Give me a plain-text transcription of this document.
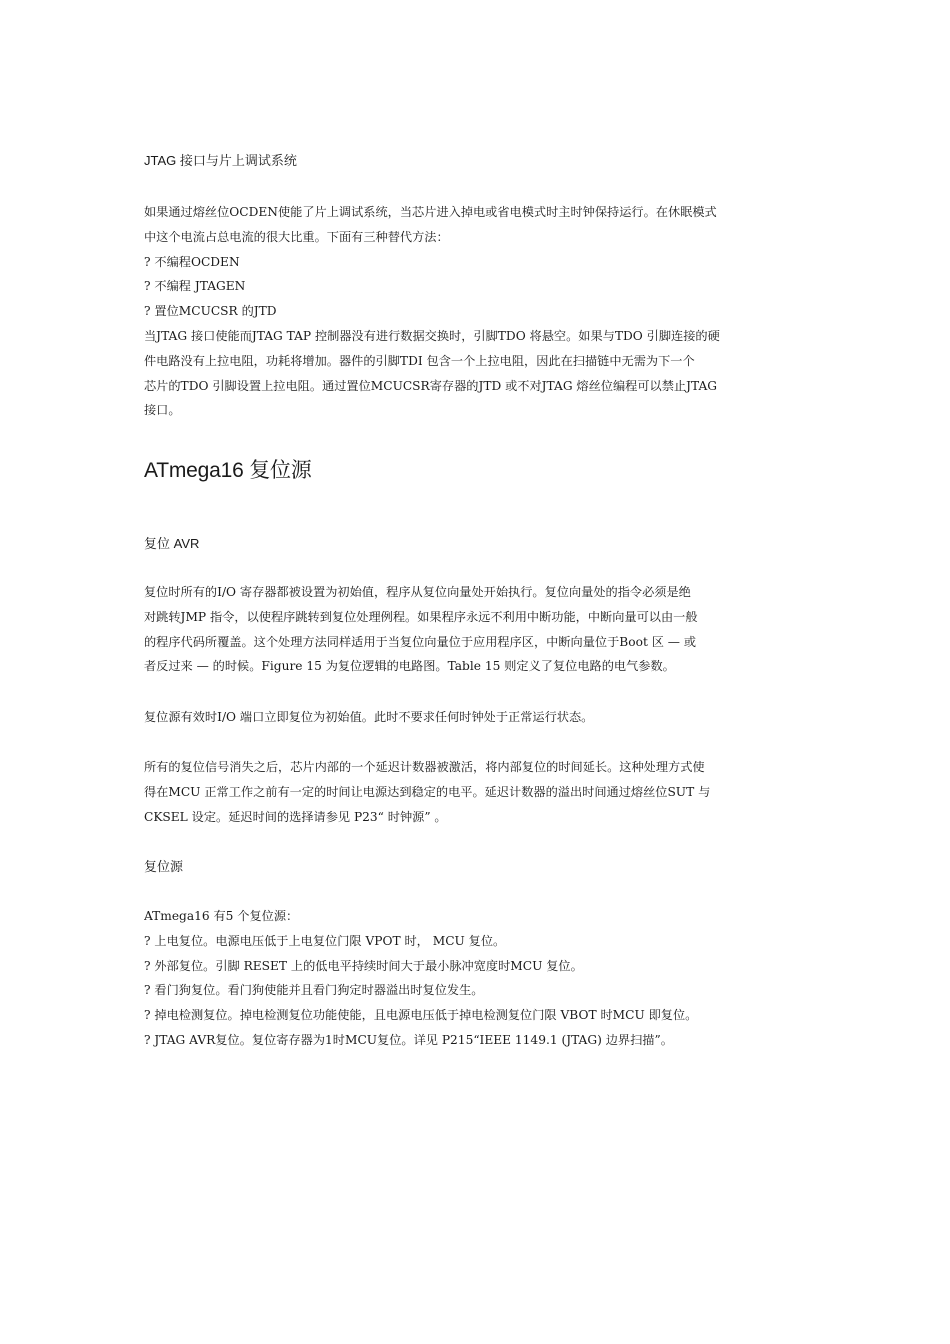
JTAG 接口与片上调试系统
如果通过熔丝位OCDEN使能了片上调试系统，当芯片进入掉电或省电模式时主时钟保持运行。在休眠模式
中这个电流占总电流的很大比重。下面有三种替代方法：
? 不编程OCDEN
? 不编程 JTAGEN
? 置位MCUCSR 的JTD
当JTAG 接口使能而JTAG TAP 控制器没有进行数据交换时，引脚TDO 将悬空。如果与TDO 引脚连接的硬
件电路没有上拉电阻，功耗将增加。器件的引脚TDI 包含一个上拉电阻，因此在扫描链中无需为下一个
芯片的TDO 引脚设置上拉电阻。通过置位MCUCSR寄存器的JTD 或不对JTAG 熔丝位编程可以禁止JTAG
接口。
ATmega16 复位源
复位 AVR
复位时所有的I/O 寄存器都被设置为初始值，程序从复位向量处开始执行。复位向量处的指令必须是绝
对跳转JMP 指令，以使程序跳转到复位处理例程。如果程序永远不利用中断功能，中断向量可以由一般
的程序代码所覆盖。这个处理方法同样适用于当复位向量位于应用程序区，中断向量位于Boot 区 — 或
者反过来 — 的时候。Figure 15 为复位逻辑的电路图。Table 15 则定义了复位电路的电气参数。
复位源有效时I/O 端口立即复位为初始值。此时不要求任何时钟处于正常运行状态。
所有的复位信号消失之后，芯片内部的一个延迟计数器被激活，将内部复位的时间延长。这种处理方式使
得在MCU 正常工作之前有一定的时间让电源达到稳定的电平。延迟计数器的溢出时间通过熔丝位SUT 与
CKSEL 设定。延迟时间的选择请参见 P23“ 时钟源” 。
复位源
ATmega16 有5 个复位源：
? 上电复位。电源电压低于上电复位门限 VPOT 时， MCU 复位。
? 外部复位。引脚 RESET 上的低电平持续时间大于最小脉冲宽度时MCU 复位。
? 看门狗复位。看门狗使能并且看门狗定时器溢出时复位发生。
? 掉电检测复位。掉电检测复位功能使能，且电源电压低于掉电检测复位门限 VBOT 时MCU 即复位。
? JTAG AVR复位。复位寄存器为1时MCU复位。详见 P215“IEEE 1149.1 (JTAG) 边界扫描”。
